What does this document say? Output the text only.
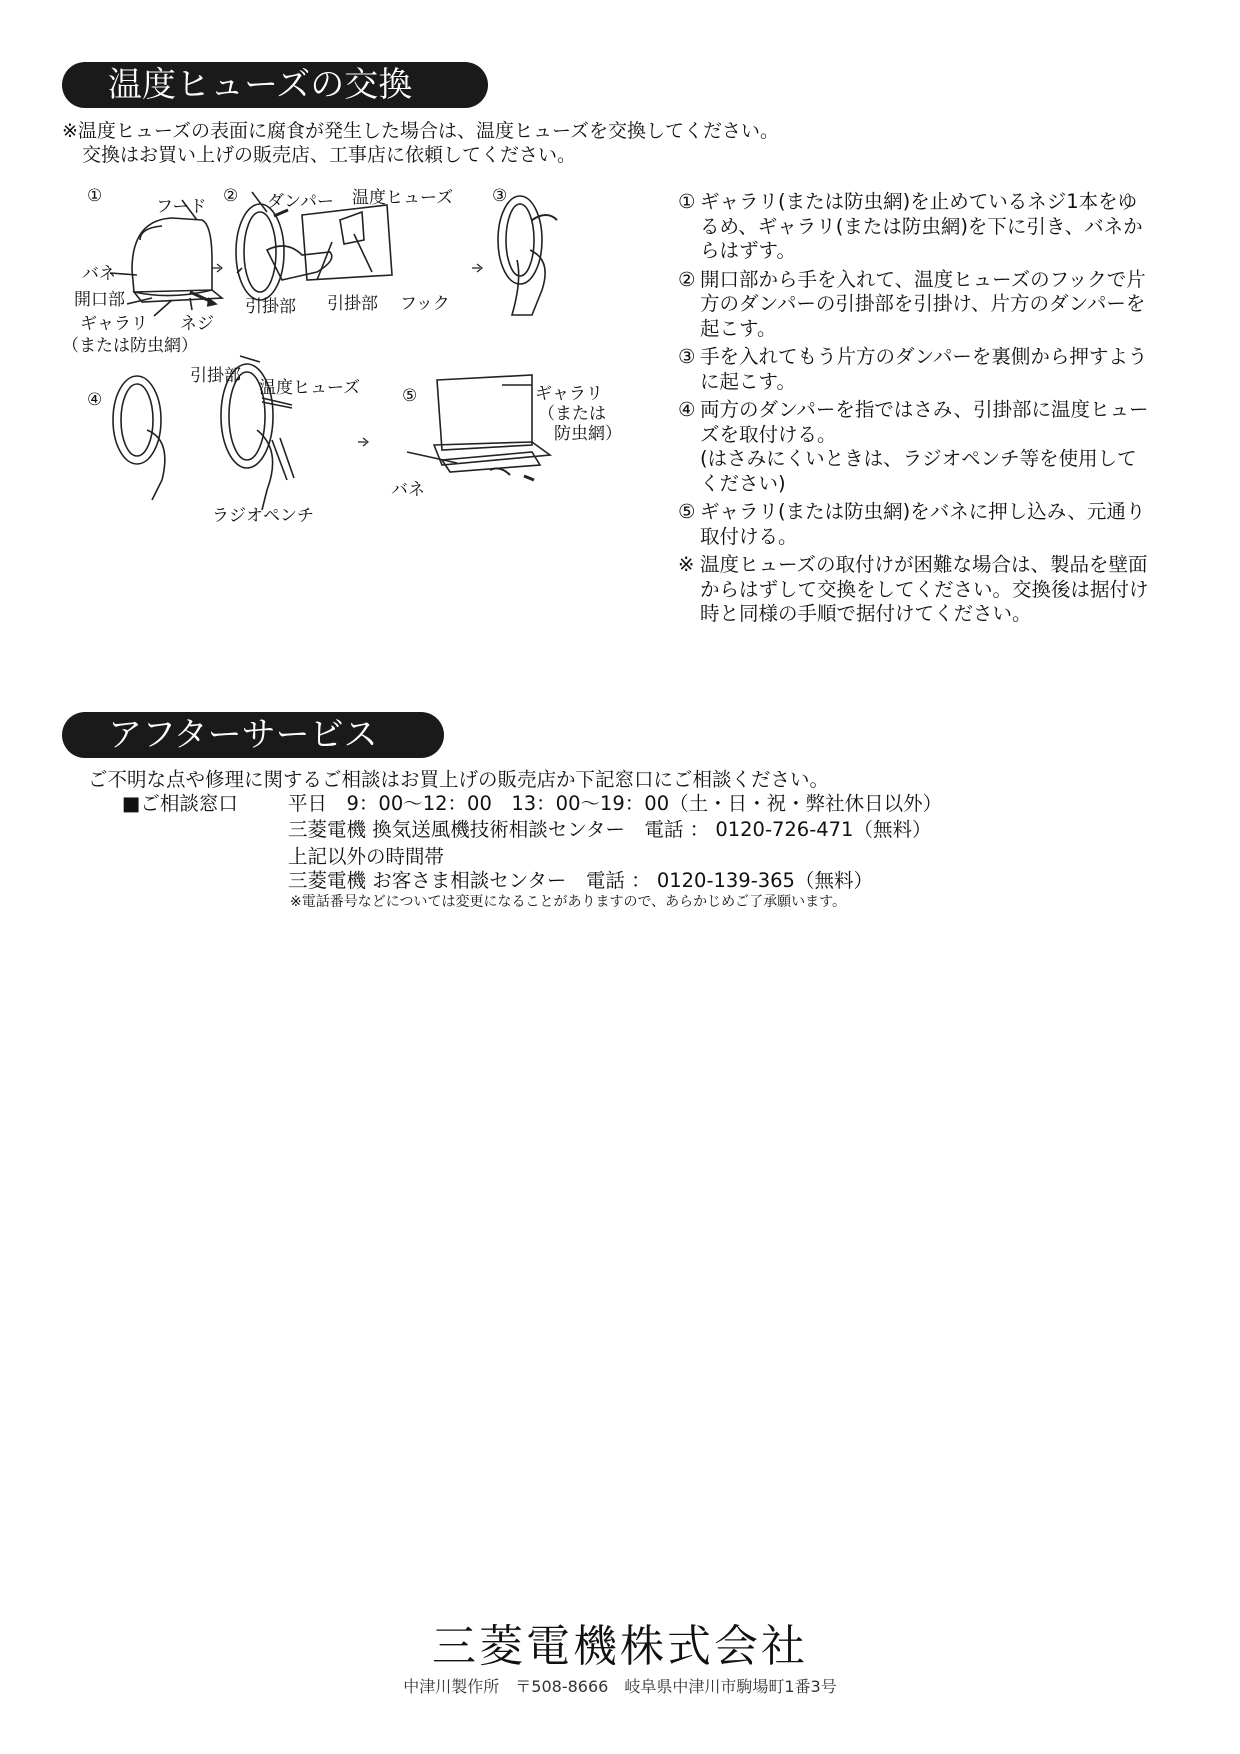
温度ヒューズの交換
※温度ヒューズの表面に腐食が発生した場合は、温度ヒューズを交換してください。
交換はお買い上げの販売店、工事店に依頼してください。
①
フード
② ダンパー 温度ヒューズ ③
バネ
開口部
ギャラリ ネジ
（または防虫網）
引掛部 引掛部 フック
④
引掛部
温度ヒューズ
ラジオペンチ
⑤	ギャラリ
（または
防虫網）
バネ
① ギャラリ(または防虫網)を止めているネジ1本をゆ
るめ、ギャラリ(または防虫網)を下に引き、バネか
らはずす。
② 開口部から手を入れて、温度ヒューズのフックで片
方のダンパーの引掛部を引掛け、片方のダンパーを
起こす。
③ 手を入れてもう片方のダンパーを裏側から押すよう
に起こす。
④ 両方のダンパーを指ではさみ、引掛部に温度ヒュー
ズを取付ける。
(はさみにくいときは、ラジオペンチ等を使用して
ください)
⑤ ギャラリ(または防虫網)をバネに押し込み、元通り
取付ける。
※ 温度ヒューズの取付けが困難な場合は、製品を壁面
からはずして交換をしてください。交換後は据付け
時と同様の手順で据付けてください。
アフターサービス
ご不明な点や修理に関するご相談はお買上げの販売店か下記窓口にご相談ください。
■ご相談窓口	平日　9：00～12：00　13：00～19：00（土・日・祝・弊社休日以外）
三菱電機 換気送風機技術相談センター　電話 ： 0120-726-471（無料）
上記以外の時間帯
三菱電機 お客さま相談センター　電話 ： 0120-139-365（無料）
※電話番号などについては変更になることがありますので、あらかじめご了承願います。
三菱電機株式会社
中津川製作所　〒508-8666　岐阜県中津川市駒場町1番3号
